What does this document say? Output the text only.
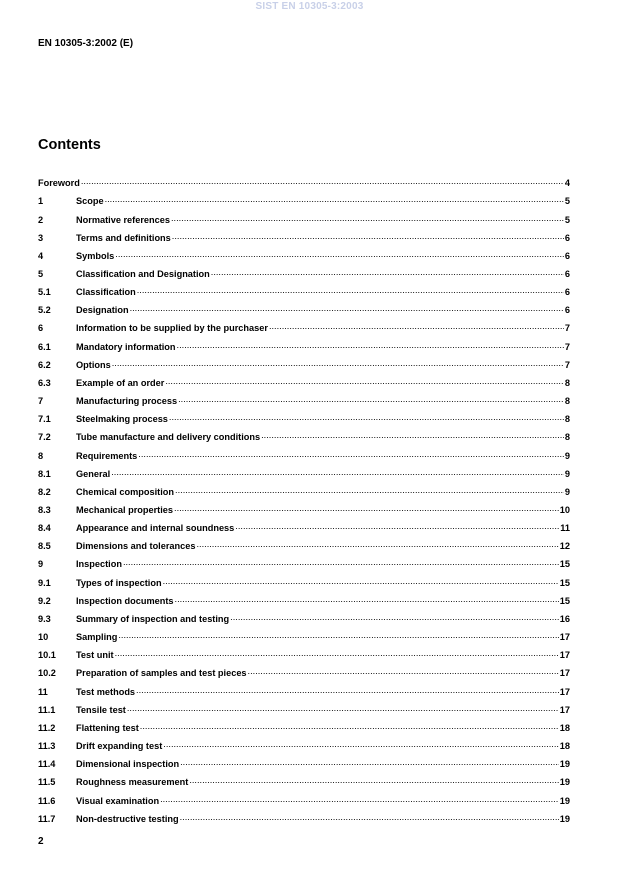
SIST EN 10305-3:2003
EN 10305-3:2002 (E)
Contents
Foreword .....	4
1	Scope .....	5
2	Normative references .....	5
3	Terms and definitions .....	6
4	Symbols .....	6
5	Classification and Designation .....	6
5.1	Classification .....	6
5.2	Designation .....	6
6	Information to be supplied by the purchaser .....	7
6.1	Mandatory information .....	7
6.2	Options .....	7
6.3	Example of an order .....	8
7	Manufacturing process .....	8
7.1	Steelmaking process .....	8
7.2	Tube manufacture and delivery conditions .....	8
8	Requirements .....	9
8.1	General .....	9
8.2	Chemical composition .....	9
8.3	Mechanical properties .....	10
8.4	Appearance and internal soundness .....	11
8.5	Dimensions and tolerances .....	12
9	Inspection .....	15
9.1	Types of inspection .....	15
9.2	Inspection documents .....	15
9.3	Summary of inspection and testing .....	16
10	Sampling .....	17
10.1	Test unit .....	17
10.2	Preparation of samples and test pieces .....	17
11	Test methods .....	17
11.1	Tensile test .....	17
11.2	Flattening test .....	18
11.3	Drift expanding test .....	18
11.4	Dimensional inspection .....	19
11.5	Roughness measurement .....	19
11.6	Visual examination .....	19
11.7	Non-destructive testing .....	19
2
